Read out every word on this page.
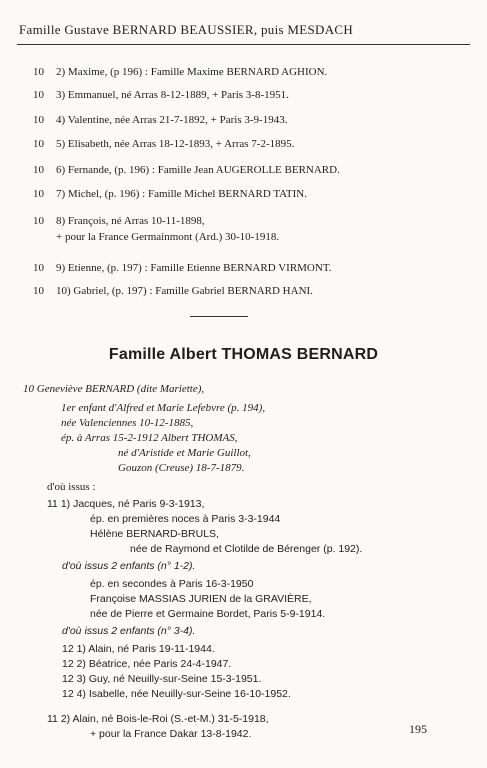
Famille Gustave BERNARD BEAUSSIER, puis MESDACH
10 2) Maxime, (p 196) : Famille Maxime BERNARD AGHION.
10 3) Emmanuel, né Arras 8-12-1889, + Paris 3-8-1951.
10 4) Valentine, née Arras 21-7-1892, + Paris 3-9-1943.
10 5) Elisabeth, née Arras 18-12-1893, + Arras 7-2-1895.
10 6) Fernande, (p. 196) : Famille Jean AUGEROLLE BERNARD.
10 7) Michel, (p. 196) : Famille Michel BERNARD TATIN.
10 8) François, né Arras 10-11-1898,
+ pour la France Germainmont (Ard.) 30-10-1918.
10 9) Etienne, (p. 197) : Famille Etienne BERNARD VIRMONT.
10 10) Gabriel, (p. 197) : Famille Gabriel BERNARD HANI.
Famille Albert THOMAS BERNARD
10 Geneviève BERNARD (dite Mariette),
1er enfant d'Alfred et Marie Lefebvre (p. 194),
née Valenciennes 10-12-1885,
ép. à Arras 15-2-1912 Albert THOMAS,
né d'Aristide et Marie Guillot,
Gouzon (Creuse) 18-7-1879.
d'où issus :
11 1) Jacques, né Paris 9-3-1913,
ép. en premières noces à Paris 3-3-1944
Hélène BERNARD-BRULS,
née de Raymond et Clotilde de Bérenger (p. 192).
d'où issus 2 enfants (n° 1-2).
ép. en secondes à Paris 16-3-1950
Françoise MASSIAS JURIEN de la GRAVIÈRE,
née de Pierre et Germaine Bordet, Paris 5-9-1914.
d'où issus 2 enfants (n° 3-4).
12 1) Alain, né Paris 19-11-1944.
12 2) Béatrice, née Paris 24-4-1947.
12 3) Guy, né Neuilly-sur-Seine 15-3-1951.
12 4) Isabelle, née Neuilly-sur-Seine 16-10-1952.
11 2) Alain, né Bois-le-Roi (S.-et-M.) 31-5-1918,
+ pour la France Dakar 13-8-1942.	195
